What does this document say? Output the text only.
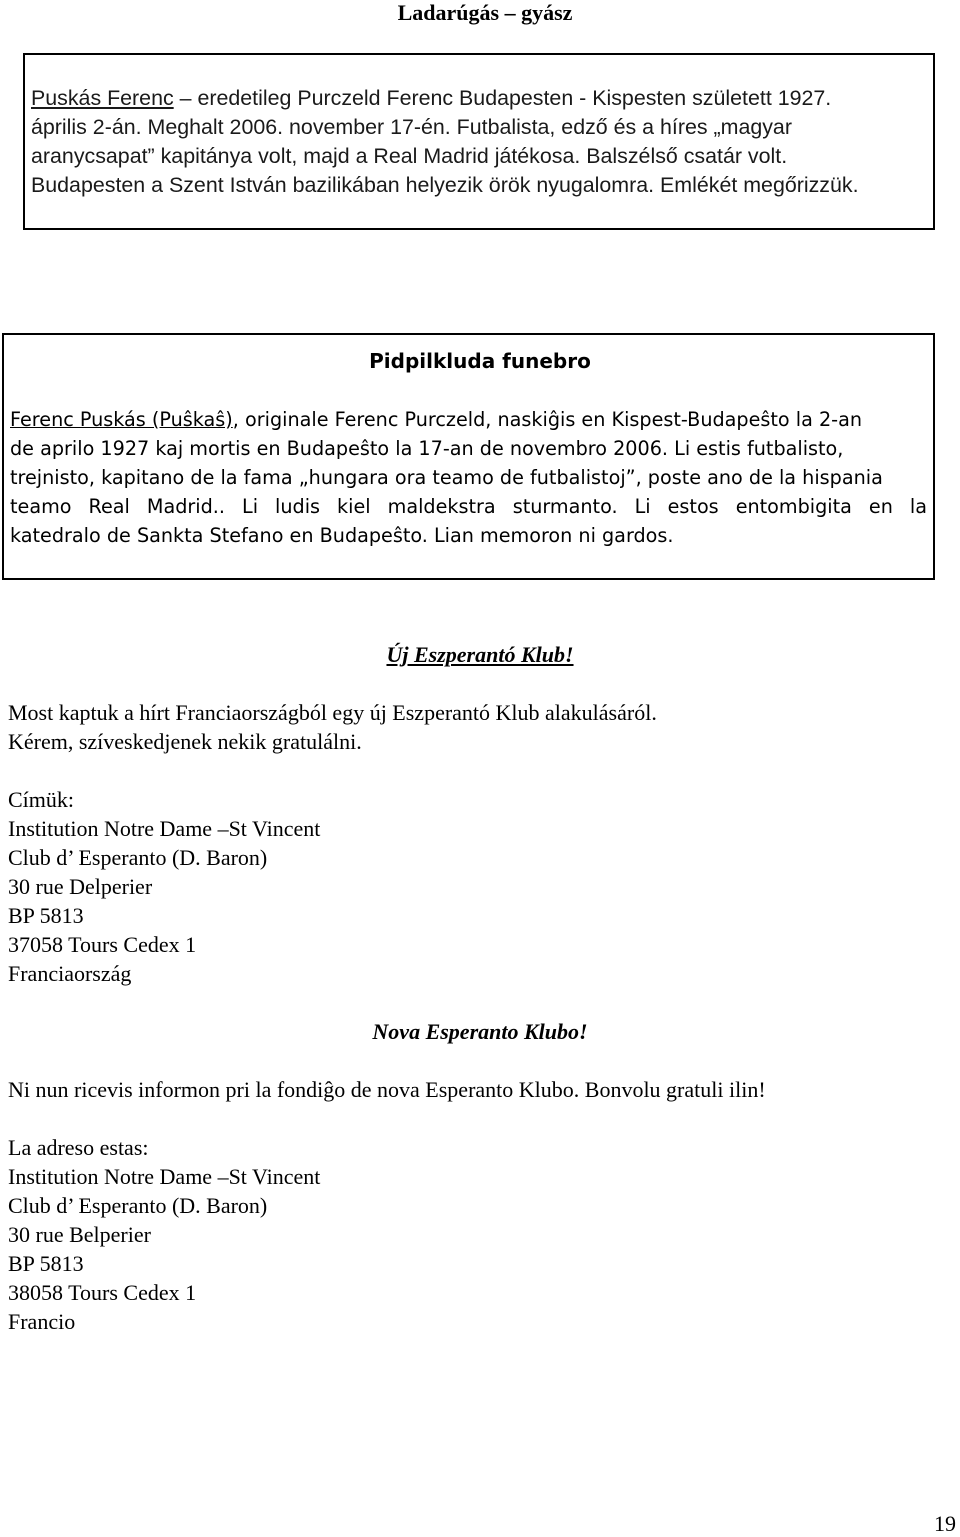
Ladarúgás – gyász
Puskás Ferenc – eredetileg Purczeld Ferenc Budapesten - Kispesten született 1927.
április 2-án. Meghalt 2006. november 17-én. Futbalista, edző és a híres „magyar
aranycsapat” kapitánya volt, majd a Real Madrid játékosa. Balszélső csatár volt.
Budapesten a Szent István bazilikában helyezik örök nyugalomra. Emlékét megőrizzük.
Pidpilkluda funebro
Ferenc Puskás (Puŝkaŝ), originale Ferenc Purczeld, naskiĝis en Kispest-Budapeŝto la 2-an
de aprilo 1927 kaj mortis en Budapeŝto la 17-an de novembro 2006. Li estis futbalisto,
trejnisto, kapitano de la fama „hungara ora teamo de futbalistoj”, poste ano de la hispania
teamo Real Madrid.. Li ludis kiel maldekstra sturmanto. Li estos entombigita en la
katedralo de Sankta Stefano en Budapeŝto. Lian memoron ni gardos.
Új Eszperantó Klub!
Most kaptuk a hírt Franciaországból egy új Eszperantó Klub alakulásáról.
Kérem, szíveskedjenek nekik gratulálni.
Címük:
Institution Notre Dame –St Vincent
Club d’ Esperanto (D. Baron)
30 rue Delperier
BP 5813
37058 Tours Cedex 1
Franciaország
Nova Esperanto Klubo!
Ni nun ricevis informon pri la fondiĝo de nova Esperanto Klubo. Bonvolu gratuli ilin!
La adreso estas:
Institution Notre Dame –St Vincent
Club d’ Esperanto (D. Baron)
30 rue Belperier
BP 5813
38058 Tours Cedex 1
Francio
19
